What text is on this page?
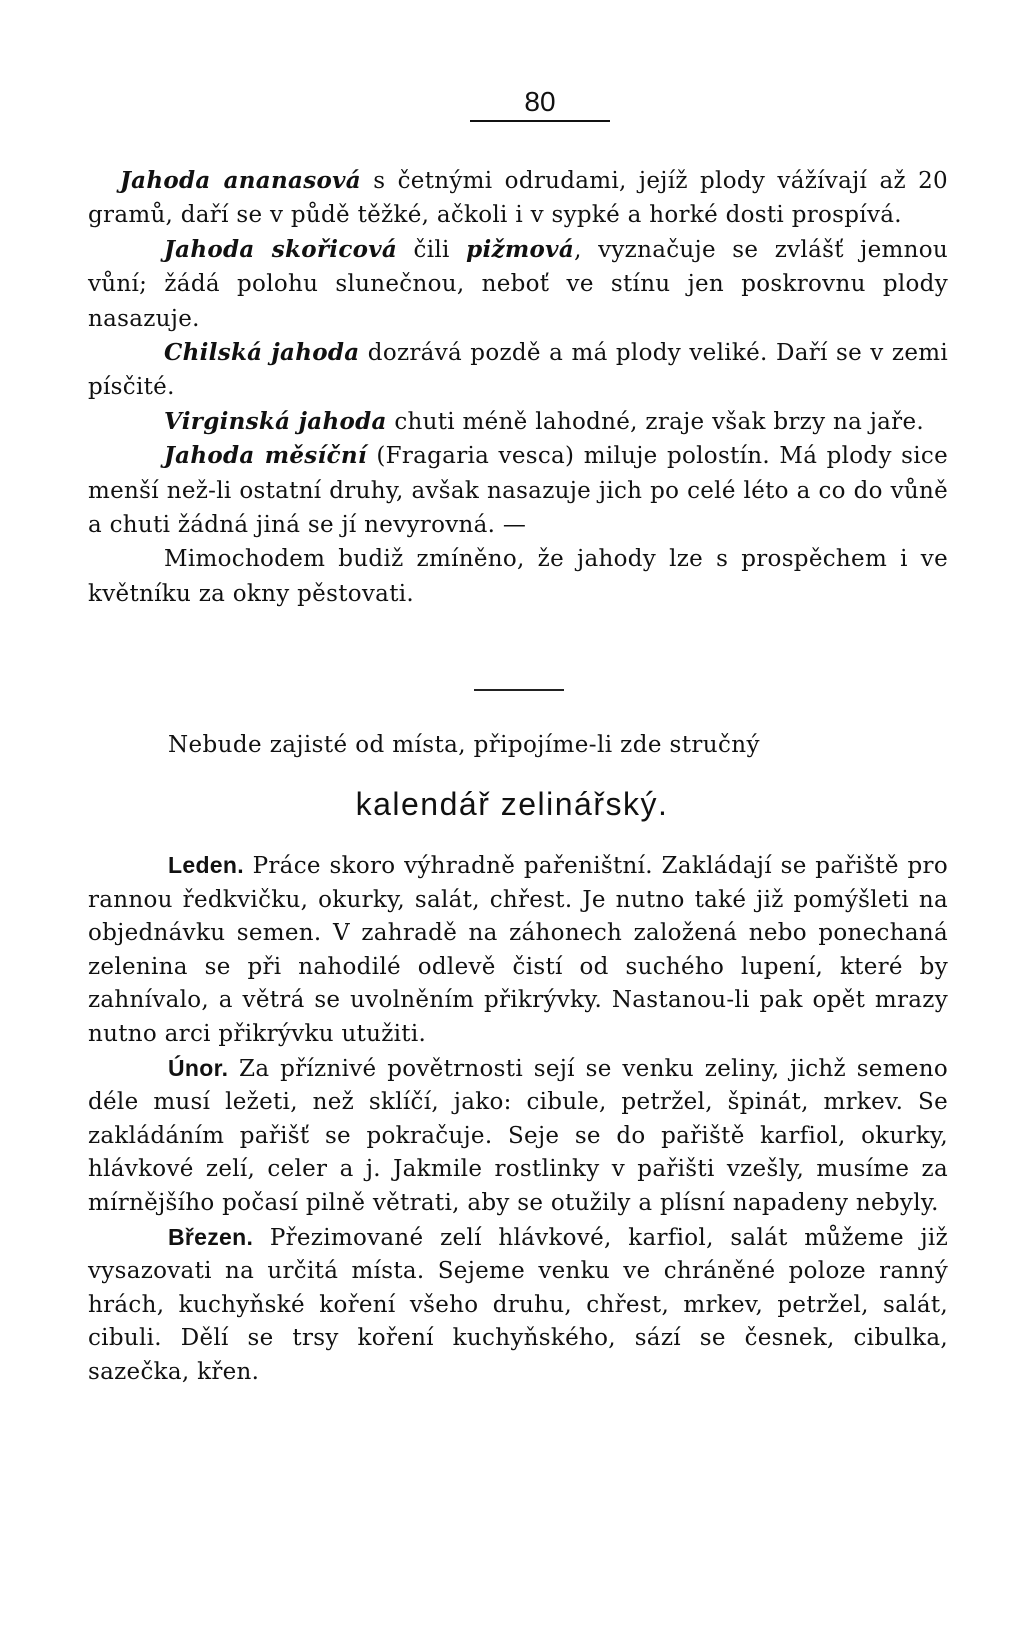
80

Jahoda ananasová s četnými odrudami, jejíž plody vážívají až 20 gramů, daří se v půdě těžké, ačkoli i v sypké a horké dosti prospívá.

Jahoda skořicová čili pižmová, vyznačuje se zvlášť jemnou vůní; žádá polohu slunečnou, neboť ve stínu jen poskrovnu plody nasazuje.

Chilská jahoda dozrává pozdě a má plody veliké. Daří se v zemi písčité.

Virginská jahoda chuti méně lahodné, zraje však brzy na jaře.

Jahoda měsíční (Fragaria vesca) miluje polostín. Má plody sice menší než-li ostatní druhy, avšak nasazuje jich po celé léto a co do vůně a chuti žádná jiná se jí nevyrovná. —

Mimochodem budiž zmíněno, že jahody lze s prospěchem i ve květníku za okny pěstovati.

Nebude zajisté od místa, připojíme-li zde stručný
kalendář zelinářský.

Leden. Práce skoro výhradně pařeništní. Zakládají se pařiště pro rannou ředkvičku, okurky, salát, chřest. Je nutno také již pomýšleti na objednávku semen. V zahradě na záhonech založená nebo ponechaná zelenina se při nahodilé odlevě čistí od suchého lupení, které by zahnívalo, a větrá se uvolněním přikrývky. Nastanou-li pak opět mrazy nutno arci přikrývku utužiti.

Únor. Za příznivé povětrnosti sejí se venku zeliny, jichž semeno déle musí ležeti, než sklíčí, jako: cibule, petržel, špinát, mrkev. Se zakládáním pařišť se pokračuje. Seje se do pařiště karfiol, okurky, hlávkové zelí, celer a j. Jakmile rostlinky v pařišti vzešly, musíme za mírnějšího počasí pilně větrati, aby se otužily a plísní napadeny nebyly.

Březen. Přezimované zelí hlávkové, karfiol, salát můžeme již vysazovati na určitá místa. Sejeme venku ve chráněné poloze ranný hrách, kuchyňské koření všeho druhu, chřest, mrkev, petržel, salát, cibuli. Dělí se trsy koření kuchyňského, sází se česnek, cibulka, sazečka, křen.
